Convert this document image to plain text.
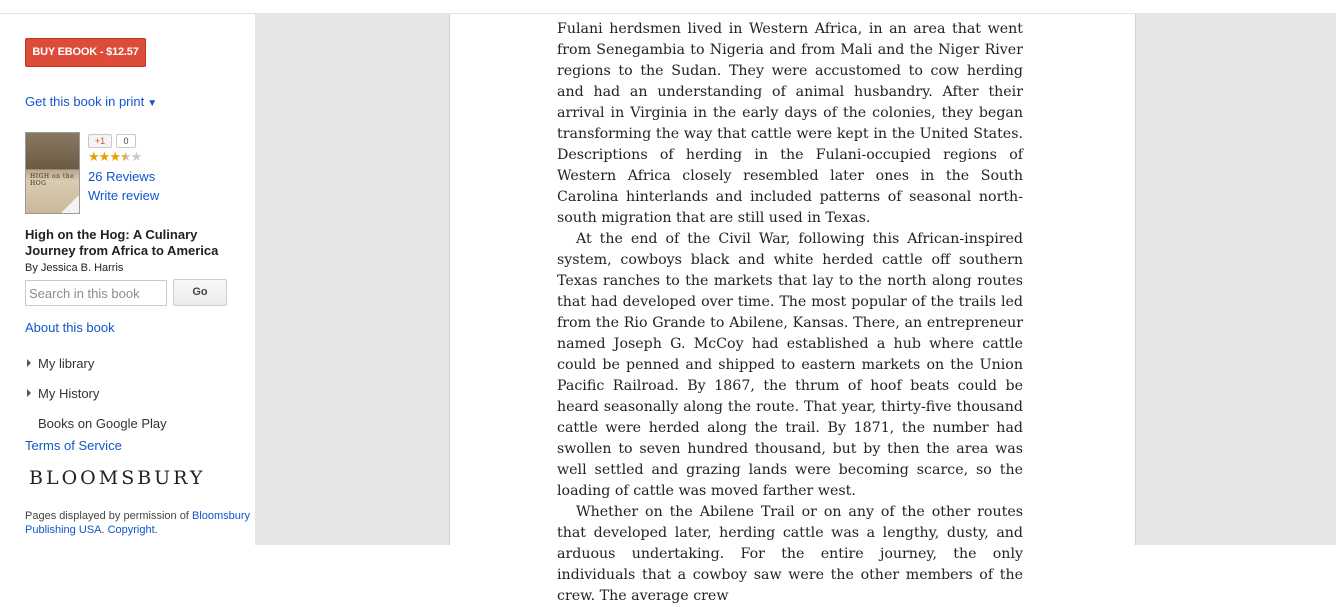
BUY EBOOK - $12.57
Get this book in print ▼
HIGH on the HOG
+1	0
★★★★★
26 Reviews
Write review
High on the Hog: A Culinary Journey from Africa to America
By Jessica B. Harris
Search in this book
Go
About this book
My library
My History
Books on Google Play
Terms of Service
BLOOMSBURY
Pages displayed by permission of Bloomsbury Publishing USA. Copyright.

Fulani herdsmen lived in Western Africa, in an area that went from Senegambia to Nigeria and from Mali and the Niger River regions to the Sudan. They were accustomed to cow herding and had an understanding of animal husbandry. After their arrival in Virginia in the early days of the colonies, they began transforming the way that cattle were kept in the United States. Descriptions of herding in the Fulani-occupied regions of Western Africa closely resembled later ones in the South Carolina hinterlands and included patterns of seasonal north-south migration that are still used in Texas.

At the end of the Civil War, following this African-inspired system, cowboys black and white herded cattle off southern Texas ranches to the markets that lay to the north along routes that had developed over time. The most popular of the trails led from the Rio Grande to Abilene, Kansas. There, an entrepreneur named Joseph G. McCoy had established a hub where cattle could be penned and shipped to eastern markets on the Union Pacific Railroad. By 1867, the thrum of hoof beats could be heard seasonally along the route. That year, thirty-five thousand cattle were herded along the trail. By 1871, the number had swollen to seven hundred thousand, but by then the area was well settled and grazing lands were becoming scarce, so the loading of cattle was moved farther west.

Whether on the Abilene Trail or on any of the other routes that developed later, herding cattle was a lengthy, dusty, and arduous undertaking. For the entire journey, the only individuals that a cowboy saw were the other members of the crew. The average crew
